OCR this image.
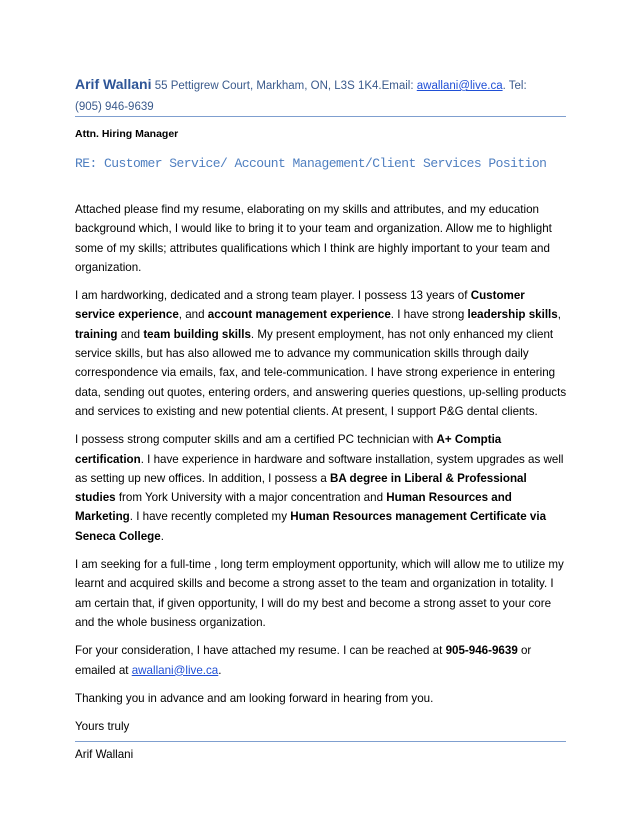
Arif Wallani 55 Pettigrew Court, Markham, ON, L3S 1K4.Email: awallani@live.ca. Tel:
(905) 946-9639
Attn. Hiring Manager
RE: Customer Service/ Account Management/Client Services Position

Attached please find my resume, elaborating on my skills and attributes, and my education background which, I would like to bring it to your team and organization. Allow me to highlight some of my skills; attributes qualifications which I think are highly important to your team and organization.

I am hardworking, dedicated and a strong team player. I possess 13 years of Customer service experience, and account management experience. I have strong leadership skills, training and team building skills. My present employment, has not only enhanced my client service skills, but has also allowed me to advance my communication skills through daily correspondence via emails, fax, and tele-communication. I have strong experience in entering data, sending out quotes, entering orders, and answering queries questions, up-selling products and services to existing and new potential clients. At present, I support P&G dental clients.

I possess strong computer skills and am a certified PC technician with A+ Comptia certification. I have experience in hardware and software installation, system upgrades as well as setting up new offices. In addition, I possess a BA degree in Liberal & Professional studies from York University with a major concentration and Human Resources and Marketing. I have recently completed my Human Resources management Certificate via Seneca College.

I am seeking for a full-time , long term employment opportunity, which will allow me to utilize my learnt and acquired skills and become a strong asset to the team and organization in totality. I am certain that, if given opportunity, I will do my best and become a strong asset to your core and the whole business organization.

For your consideration, I have attached my resume. I can be reached at 905-946-9639 or emailed at awallani@live.ca.

Thanking you in advance and am looking forward in hearing from you.

Yours truly

Arif Wallani
